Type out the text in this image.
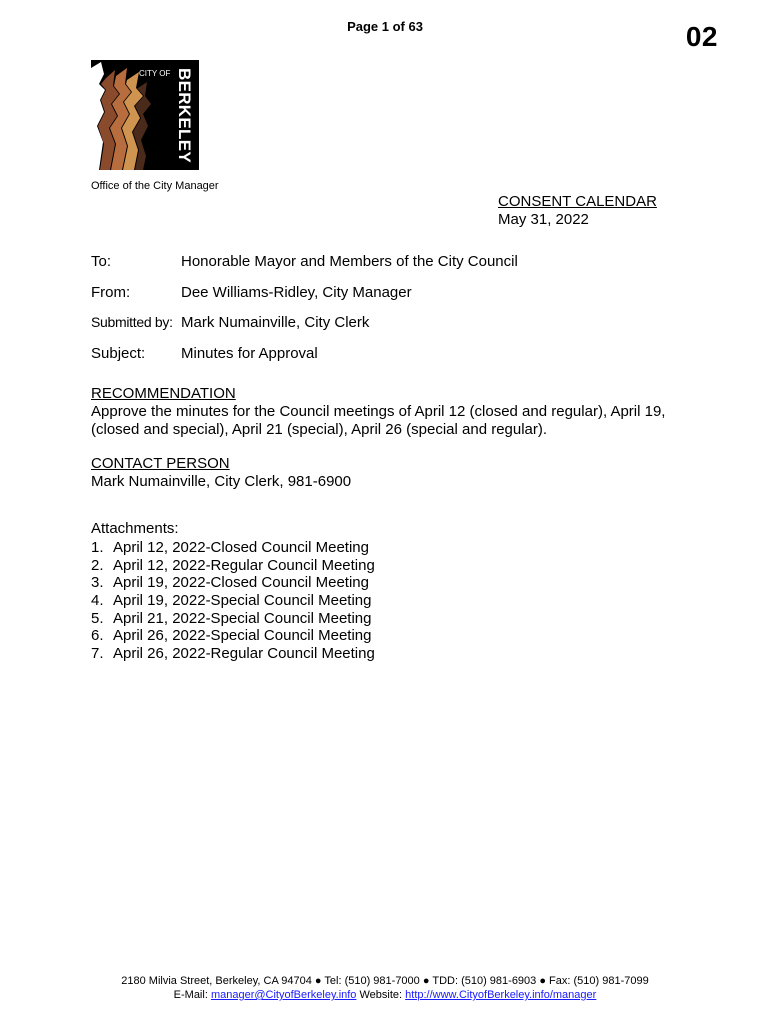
Page 1 of 63	02
CITY OF BERKELEY
Office of the City Manager
CONSENT CALENDAR
May 31, 2022
To:	Honorable Mayor and Members of the City Council
From:	Dee Williams-Ridley, City Manager
Submitted by: Mark Numainville, City Clerk
Subject: Minutes for Approval
RECOMMENDATION
Approve the minutes for the Council meetings of April 12 (closed and regular), April 19, (closed and special), April 21 (special), April 26 (special and regular).
CONTACT PERSON
Mark Numainville, City Clerk, 981-6900
Attachments:
1. April 12, 2022-Closed Council Meeting
2. April 12, 2022-Regular Council Meeting
3. April 19, 2022-Closed Council Meeting
4. April 19, 2022-Special Council Meeting
5. April 21, 2022-Special Council Meeting
6. April 26, 2022-Special Council Meeting
7. April 26, 2022-Regular Council Meeting
2180 Milvia Street, Berkeley, CA 94704 ● Tel: (510) 981-7000 ● TDD: (510) 981-6903 ● Fax: (510) 981-7099
E-Mail: manager@CityofBerkeley.info Website: http://www.CityofBerkeley.info/manager
